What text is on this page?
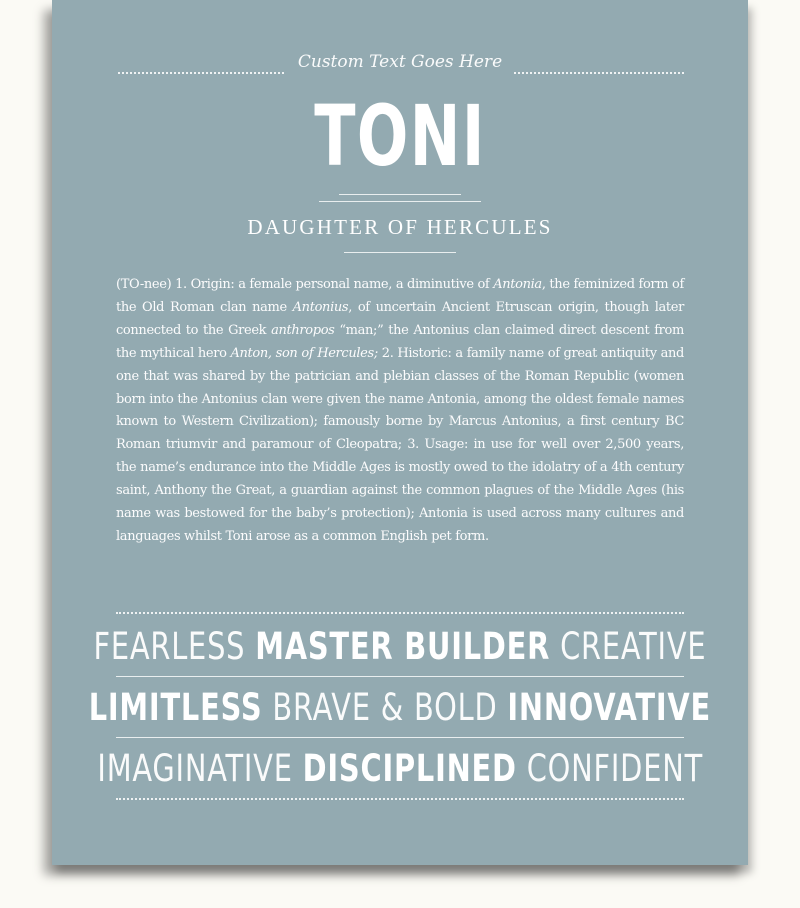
Custom Text Goes Here
TONI
DAUGHTER OF HERCULES
(TO-nee) 1. Origin: a female personal name, a diminutive of Antonia, the feminized form of the Old Roman clan name Antonius, of uncertain Ancient Etruscan origin, though later connected to the Greek anthropos “man;” the Antonius clan claimed direct descent from the mythical hero Anton, son of Hercules; 2. Historic: a family name of great antiquity and one that was shared by the patrician and plebian classes of the Roman Republic (women born into the Antonius clan were given the name Antonia, among the oldest female names known to Western Civilization); famously borne by Marcus Antonius, a first century BC Roman triumvir and paramour of Cleopatra; 3. Usage: in use for well over 2,500 years, the name’s endurance into the Middle Ages is mostly owed to the idolatry of a 4th century saint, Anthony the Great, a guardian against the common plagues of the Middle Ages (his name was bestowed for the baby’s protection); Antonia is used across many cultures and languages whilst Toni arose as a common English pet form.
FEARLESS MASTER BUILDER CREATIVE
LIMITLESS BRAVE & BOLD INNOVATIVE
IMAGINATIVE DISCIPLINED CONFIDENT
